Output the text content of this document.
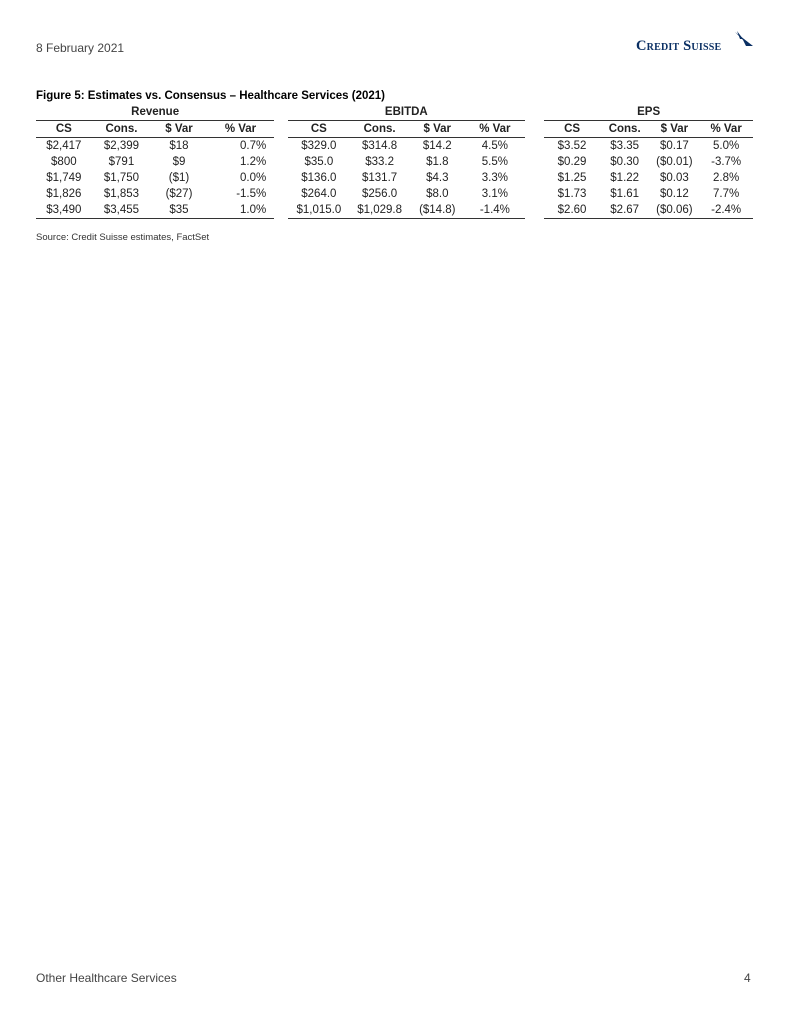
8 February 2021	Credit Suisse
Figure 5: Estimates vs. Consensus – Healthcare Services (2021)
Revenue					EBITDA					EPS			
CS	Cons.	$ Var	% Var		CS	Cons.	$ Var	% Var		CS	Cons.	$ Var	% Var
$2,417	$2,399	$18	0.7%		$329.0	$314.8	$14.2	4.5%		$3.52	$3.35	$0.17	5.0%
$800	$791	$9	1.2%		$35.0	$33.2	$1.8	5.5%		$0.29	$0.30	($0.01)	-3.7%
$1,749	$1,750	($1)	0.0%		$136.0	$131.7	$4.3	3.3%		$1.25	$1.22	$0.03	2.8%
$1,826	$1,853	($27)	-1.5%		$264.0	$256.0	$8.0	3.1%		$1.73	$1.61	$0.12	7.7%
$3,490	$3,455	$35	1.0%		$1,015.0	$1,029.8	($14.8)	-1.4%		$2.60	$2.67	($0.06)	-2.4%
Source: Credit Suisse estimates, FactSet
Other Healthcare Services	4
